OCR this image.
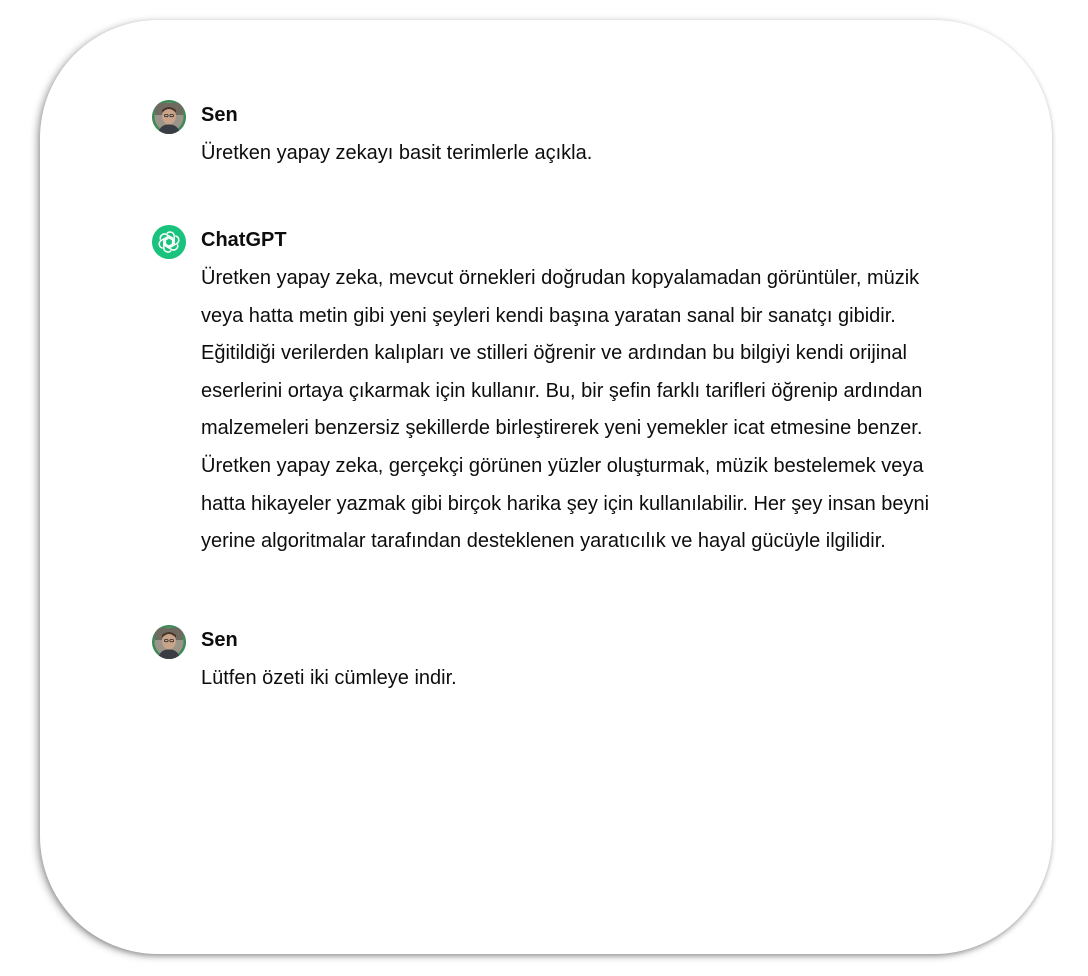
Sen
Üretken yapay zekayı basit terimlerle açıkla.
ChatGPT
Üretken yapay zeka, mevcut örnekleri doğrudan kopyalamadan görüntüler, müzik
veya hatta metin gibi yeni şeyleri kendi başına yaratan sanal bir sanatçı gibidir.
Eğitildiği verilerden kalıpları ve stilleri öğrenir ve ardından bu bilgiyi kendi orijinal
eserlerini ortaya çıkarmak için kullanır. Bu, bir şefin farklı tarifleri öğrenip ardından
malzemeleri benzersiz şekillerde birleştirerek yeni yemekler icat etmesine benzer.
Üretken yapay zeka, gerçekçi görünen yüzler oluşturmak, müzik bestelemek veya
hatta hikayeler yazmak gibi birçok harika şey için kullanılabilir. Her şey insan beyni
yerine algoritmalar tarafından desteklenen yaratıcılık ve hayal gücüyle ilgilidir.
Sen
Lütfen özeti iki cümleye indir.
